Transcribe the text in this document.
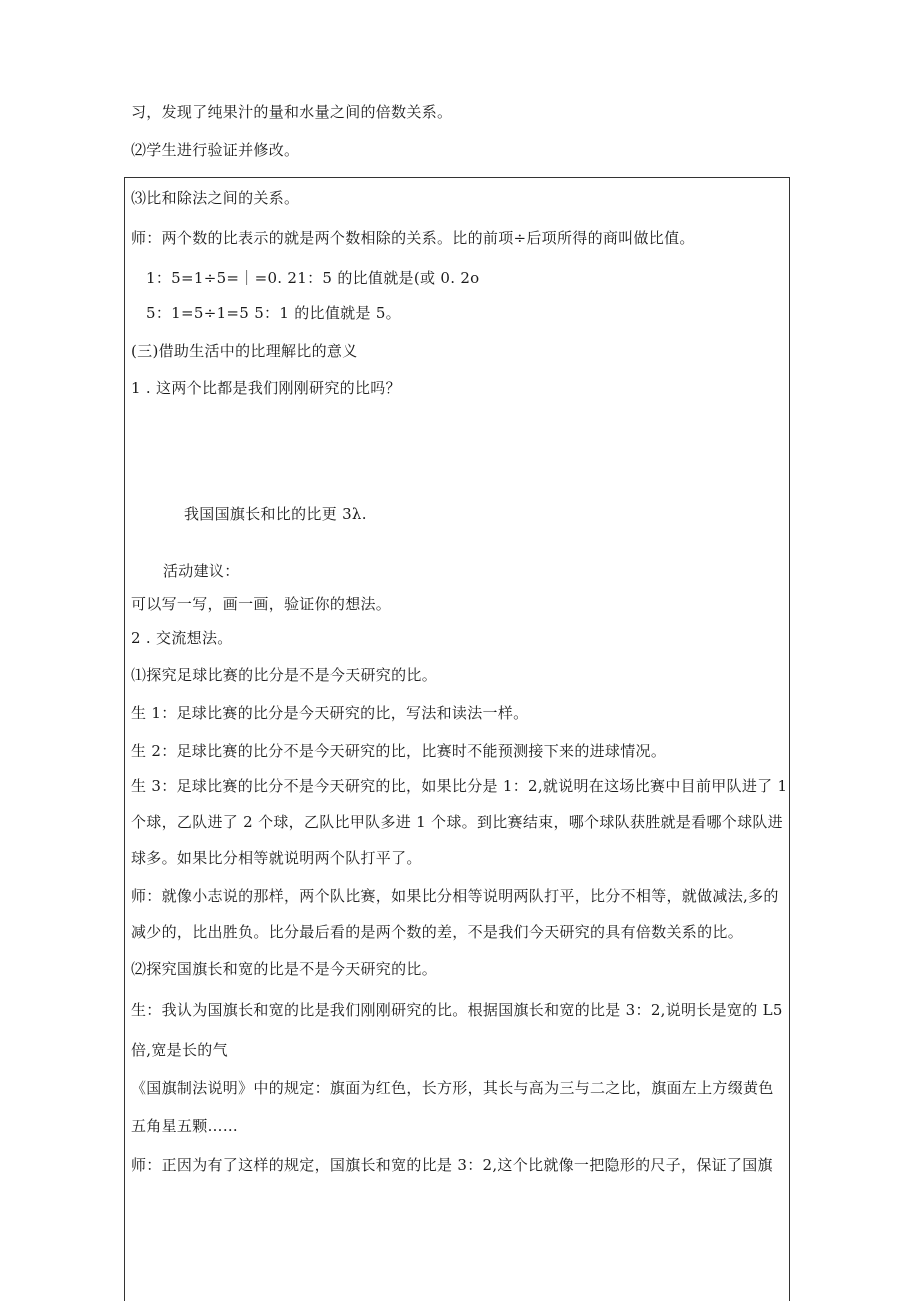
习，发现了纯果汁的量和水量之间的倍数关系。
⑵学生进行验证并修改。
⑶比和除法之间的关系。
师：两个数的比表示的就是两个数相除的关系。比的前项÷后项所得的商叫做比值。
1：5=1÷5=｜=0. 21：5 的比值就是(或 0. 2o
5：1=5÷1=5 5：1 的比值就是 5。
(三)借助生活中的比理解比的意义
1 . 这两个比都是我们刚刚研究的比吗？
我国国旗长和比的比更 3λ.
活动建议：
可以写一写，画一画，验证你的想法。
2 . 交流想法。
⑴探究足球比赛的比分是不是今天研究的比。
生 1：足球比赛的比分是今天研究的比，写法和读法一样。
生 2：足球比赛的比分不是今天研究的比，比赛时不能预测接下来的进球情况。
生 3：足球比赛的比分不是今天研究的比，如果比分是 1：2,就说明在这场比赛中目前甲队进了 1
个球，乙队进了 2 个球，乙队比甲队多进 1 个球。到比赛结束，哪个球队获胜就是看哪个球队进
球多。如果比分相等就说明两个队打平了。
师：就像小志说的那样，两个队比赛，如果比分相等说明两队打平，比分不相等，就做减法,多的
减少的，比出胜负。比分最后看的是两个数的差，不是我们今天研究的具有倍数关系的比。
⑵探究国旗长和宽的比是不是今天研究的比。
生：我认为国旗长和宽的比是我们刚刚研究的比。根据国旗长和宽的比是 3：2,说明长是宽的 L5
倍,宽是长的气
《国旗制法说明》中的规定：旗面为红色，长方形，其长与高为三与二之比，旗面左上方缀黄色
五角星五颗……
师：正因为有了这样的规定，国旗长和宽的比是 3：2,这个比就像一把隐形的尺子，保证了国旗
